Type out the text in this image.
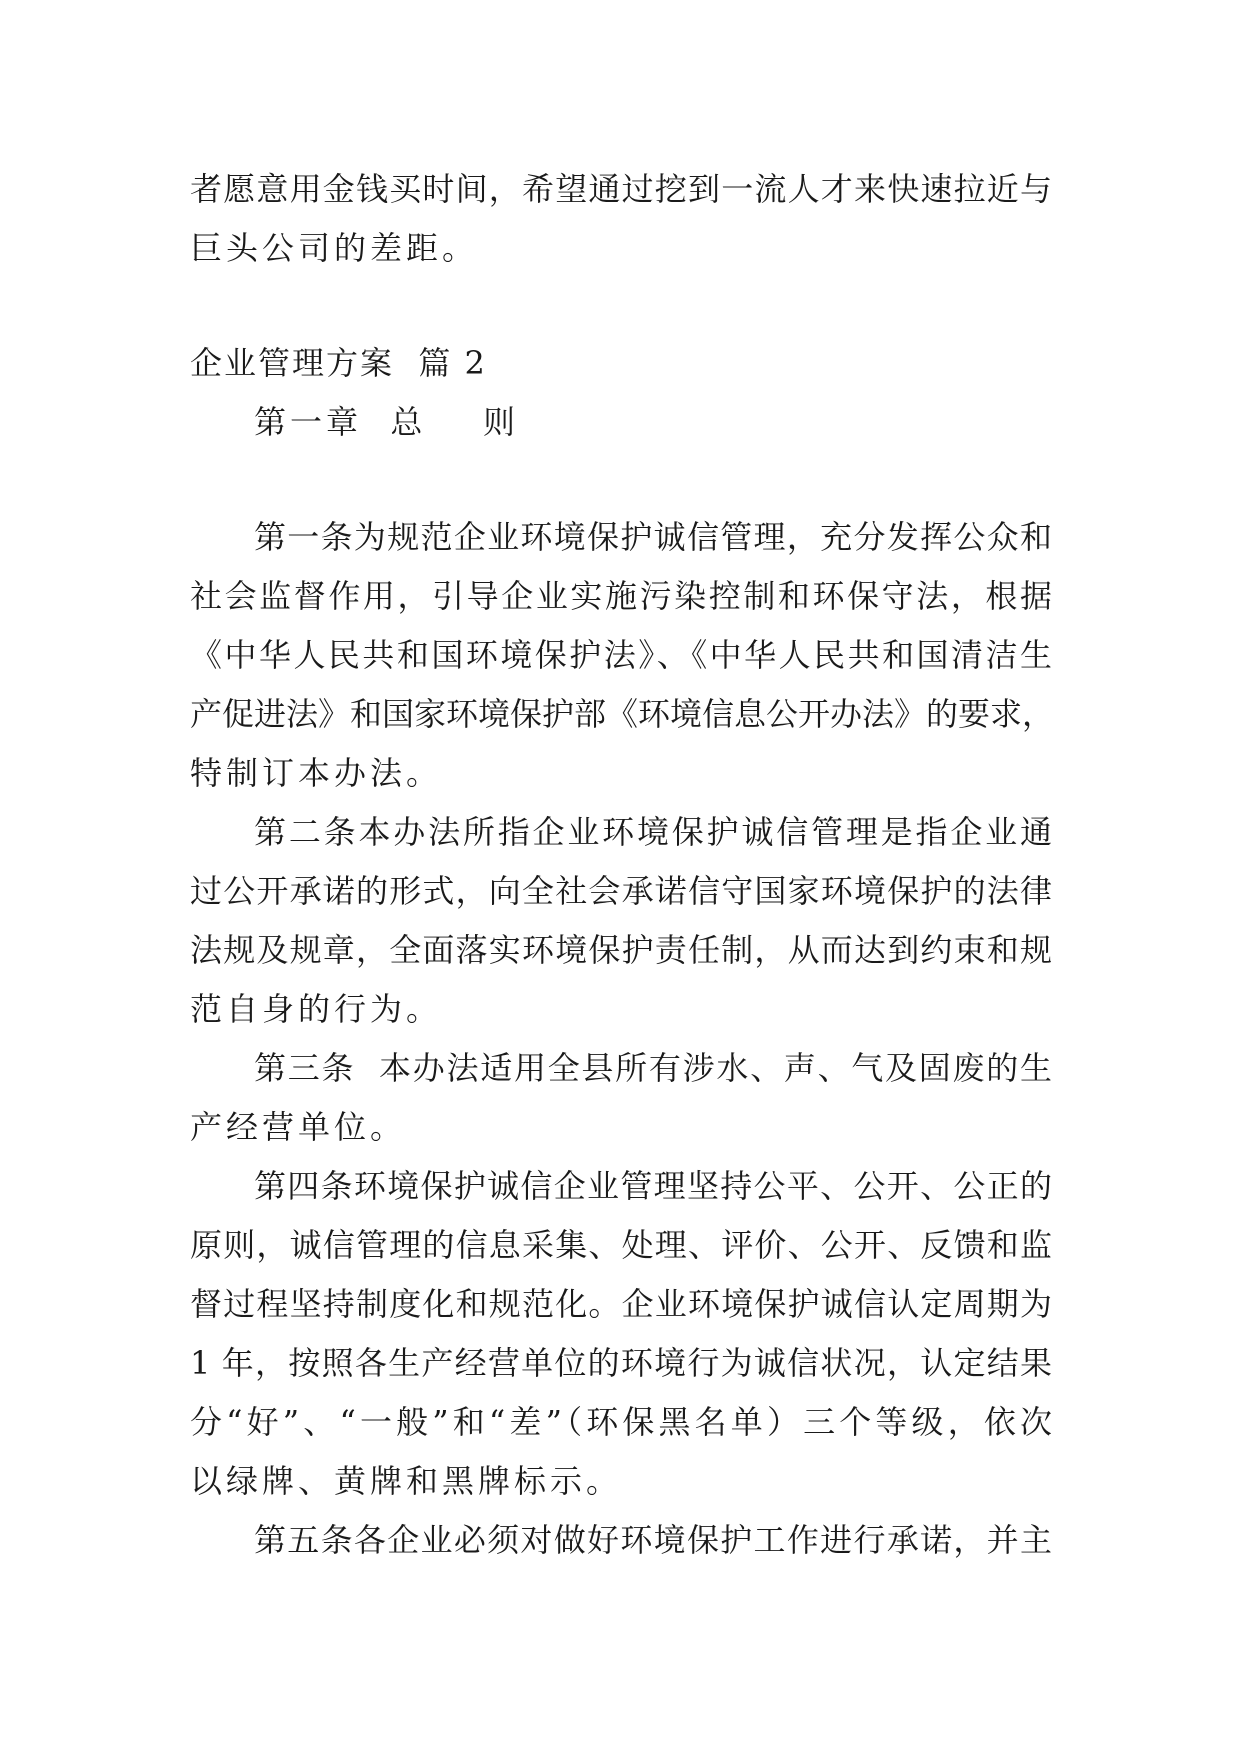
者愿意用金钱买时间，希望通过挖到一流人才来快速拉近与
巨头公司的差距。
企业管理方案  篇 2
第一章  总    则
第一条为规范企业环境保护诚信管理，充分发挥公众和
社会监督作用，引导企业实施污染控制和环保守法，根据
《中华人民共和国环境保护法》、《中华人民共和国清洁生
产促进法》和国家环境保护部《环境信息公开办法》的要求，
特制订本办法。
第二条本办法所指企业环境保护诚信管理是指企业通
过公开承诺的形式，向全社会承诺信守国家环境保护的法律
法规及规章，全面落实环境保护责任制，从而达到约束和规
范自身的行为。
第三条  本办法适用全县所有涉水、声、气及固废的生
产经营单位。
第四条环境保护诚信企业管理坚持公平、公开、公正的
原则，诚信管理的信息采集、处理、评价、公开、反馈和监
督过程坚持制度化和规范化。企业环境保护诚信认定周期为
1 年，按照各生产经营单位的环境行为诚信状况，认定结果
分“好”、“一般”和“差”（环保黑名单）三个等级，依次
以绿牌、黄牌和黑牌标示。
第五条各企业必须对做好环境保护工作进行承诺，并主
